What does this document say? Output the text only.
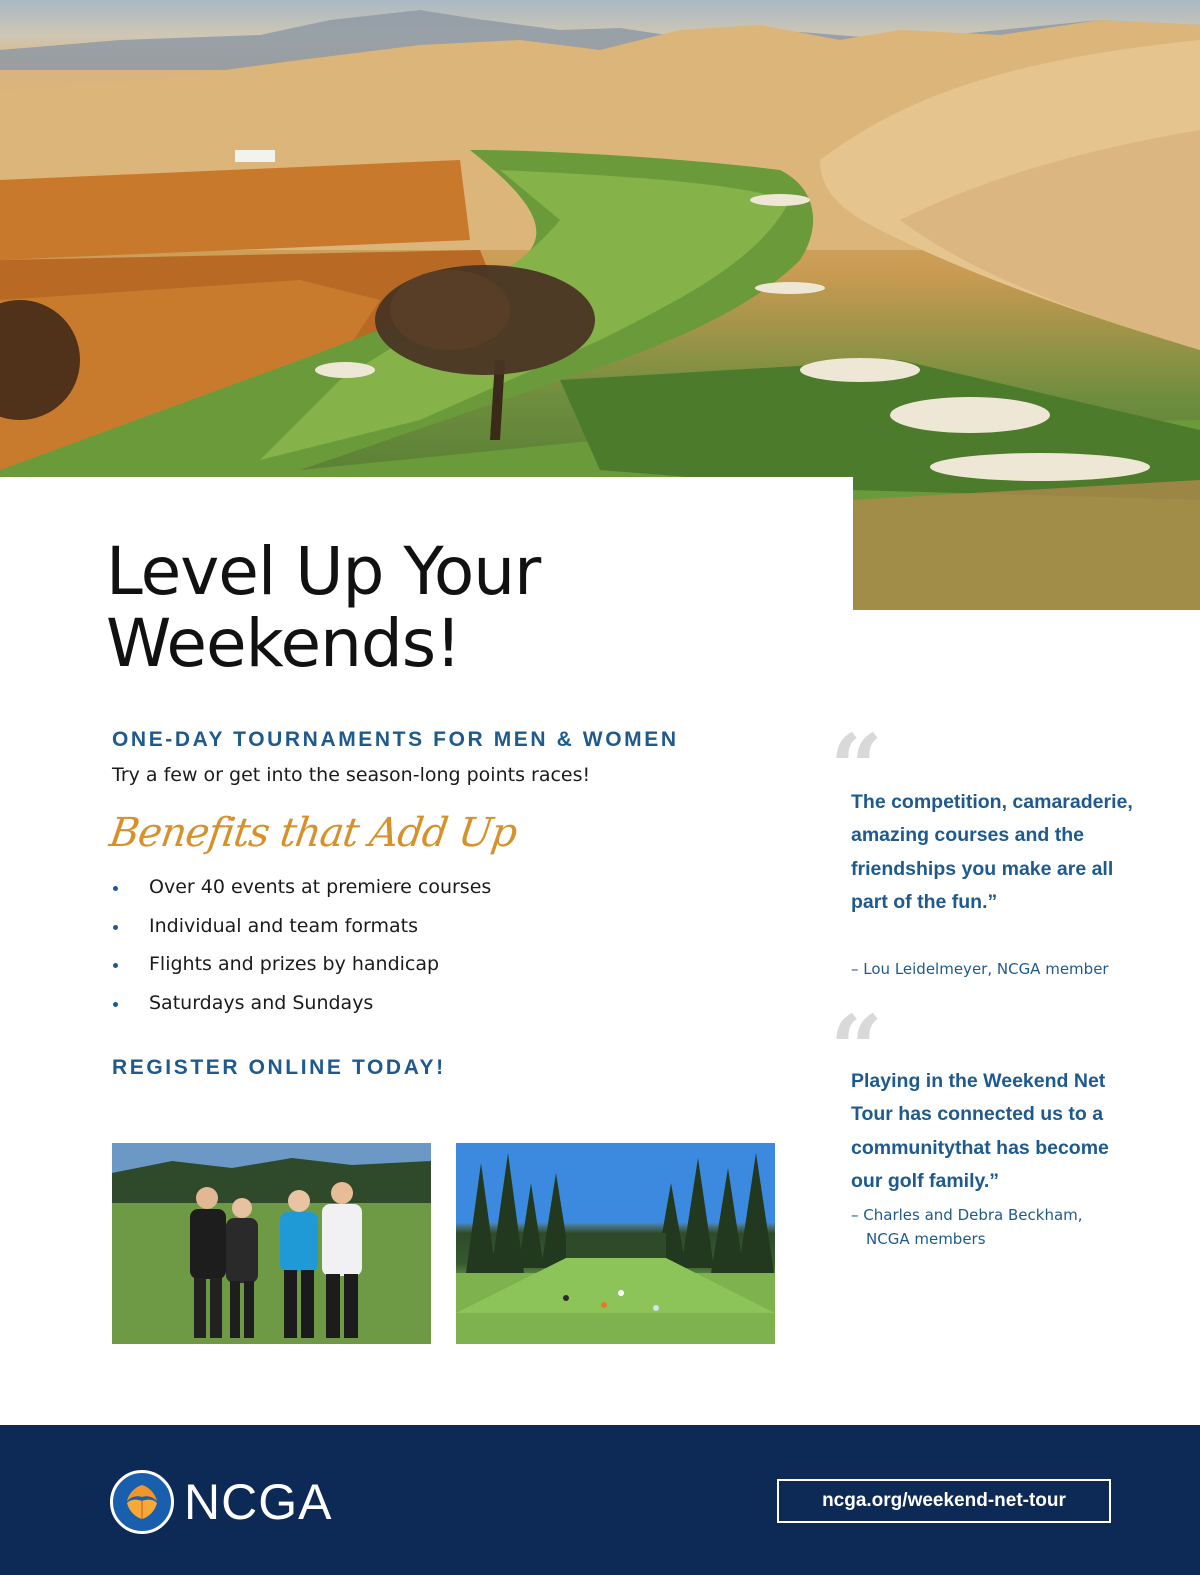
Level Up Your
Weekends!
ONE-DAY TOURNAMENTS FOR MEN & WOMEN
Try a few or get into the season-long points races!
Benefits that Add Up
Over 40 events at premiere courses
Individual and team formats
Flights and prizes by handicap
Saturdays and Sundays
REGISTER ONLINE TODAY!
“
The competition, camaraderie, amazing courses and the friendships you make are all part of the fun.”
– Lou Leidelmeyer, NCGA member
“
Playing in the Weekend Net Tour has connected us to a communitythat has become our golf family.”
– Charles and Debra Beckham,
NCGA members
NCGA	ncga.org/weekend-net-tour
